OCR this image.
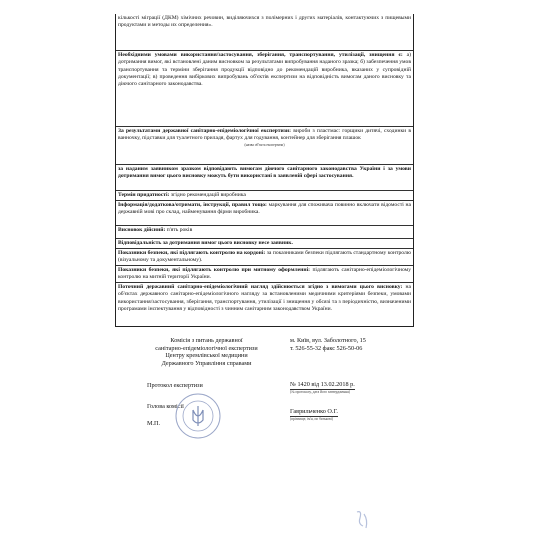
кількості міграції (ДКМ) хімічних речовин, виділяючихся з полімерних і других матеріалів, контактуючих з пищевыми продуктами и методы их определения».
Необхідними умовами використання/застосування, зберігання, транспортування, утилізації, знищення є: а) дотримання вимог, які встановлені даним висновком за результатами випробування наданого зразка; б) забезпечення умов транспортування та терміни зберігання продукції відповідно до рекомендацій виробника, вказаних у супровідній документації; в) проведення вибіркових випробувань об'єктів експертизи на відповідність вимогам даного висновку та діючого санітарного законодавства.
За результатами державної санітарно-епідеміологічної експертизи: вироби з пластмас: горщики дитячі, сходинки в ванночку, підставки для туалетного приладя, фартух для годування, контейнер для зберігання плашок
(назва об'єкта експертизи)
за наданим заявником зразком відповідають вимогам діючого санітарного законодавства України і за умови дотримання вимог цього висновку можуть бути використані в заявленій сфері застосування.
Термін придатності: згідно рекомендацій виробника
Інформація/додаткова/отримати, інструкції, правил тощо: маркування для споживача повинно включати відомості на державній мові про склад, найменування фірми виробника.
Висновок дійсний: п'ять років
Відповідальність за дотримання вимог цього висновку несе заявник.
Показники безпеки, які підлягають контролю на кордоні: за показниками безпеки підлягають стандартному контролю (візуальному та документальному).
Показники безпеки, які підлягають контролю при митному оформленні: підлягають санітарно-епідеміологічному контролю на митній території України.
Поточний державний санітарно-епідеміологічний нагляд здійснюється згідно з вимогами цього висновку: на об'єктах державного санітарно-епідеміологічного нагляду за встановленими медичними критеріями безпеки, умовами використання/застосування, зберігання, транспортування, утилізації і знищення у обсязі та з періодичністю, визначеними програмами інспектування у відповідності з чинним санітарним законодавством України.
Комісія з питань державної
санітарно-епідеміологічної експертизи
Центру кремлівської медицини
Державного Управління справами
м. Київ, вул. Заболотного, 15
т. 526-55-32 факс 526-50-06
Протокол експертизи
Голова комісії
М.П.
№ 1420 від 13.02.2018 р.
(№ протоколу, дата його затвердження)
Гаврильченко О.Г.
(прізвище, ім'я, по батькові)
